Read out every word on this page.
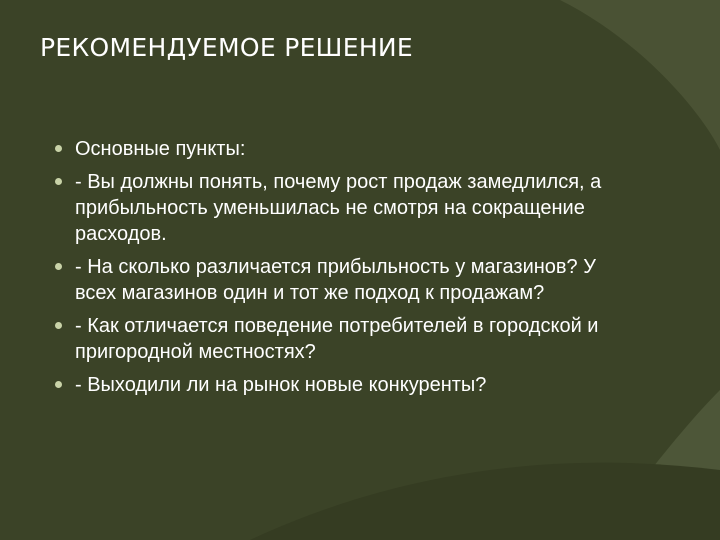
РЕКОМЕНДУЕМОЕ РЕШЕНИЕ
Основные пункты:
- Вы должны понять, почему рост продаж замедлился, а прибыльность уменьшилась не смотря на сокращение расходов.
- На сколько различается прибыльность у магазинов? У всех магазинов один и тот же подход к продажам?
- Как отличается поведение потребителей в городской и пригородной местностях?
- Выходили ли на рынок новые конкуренты?
